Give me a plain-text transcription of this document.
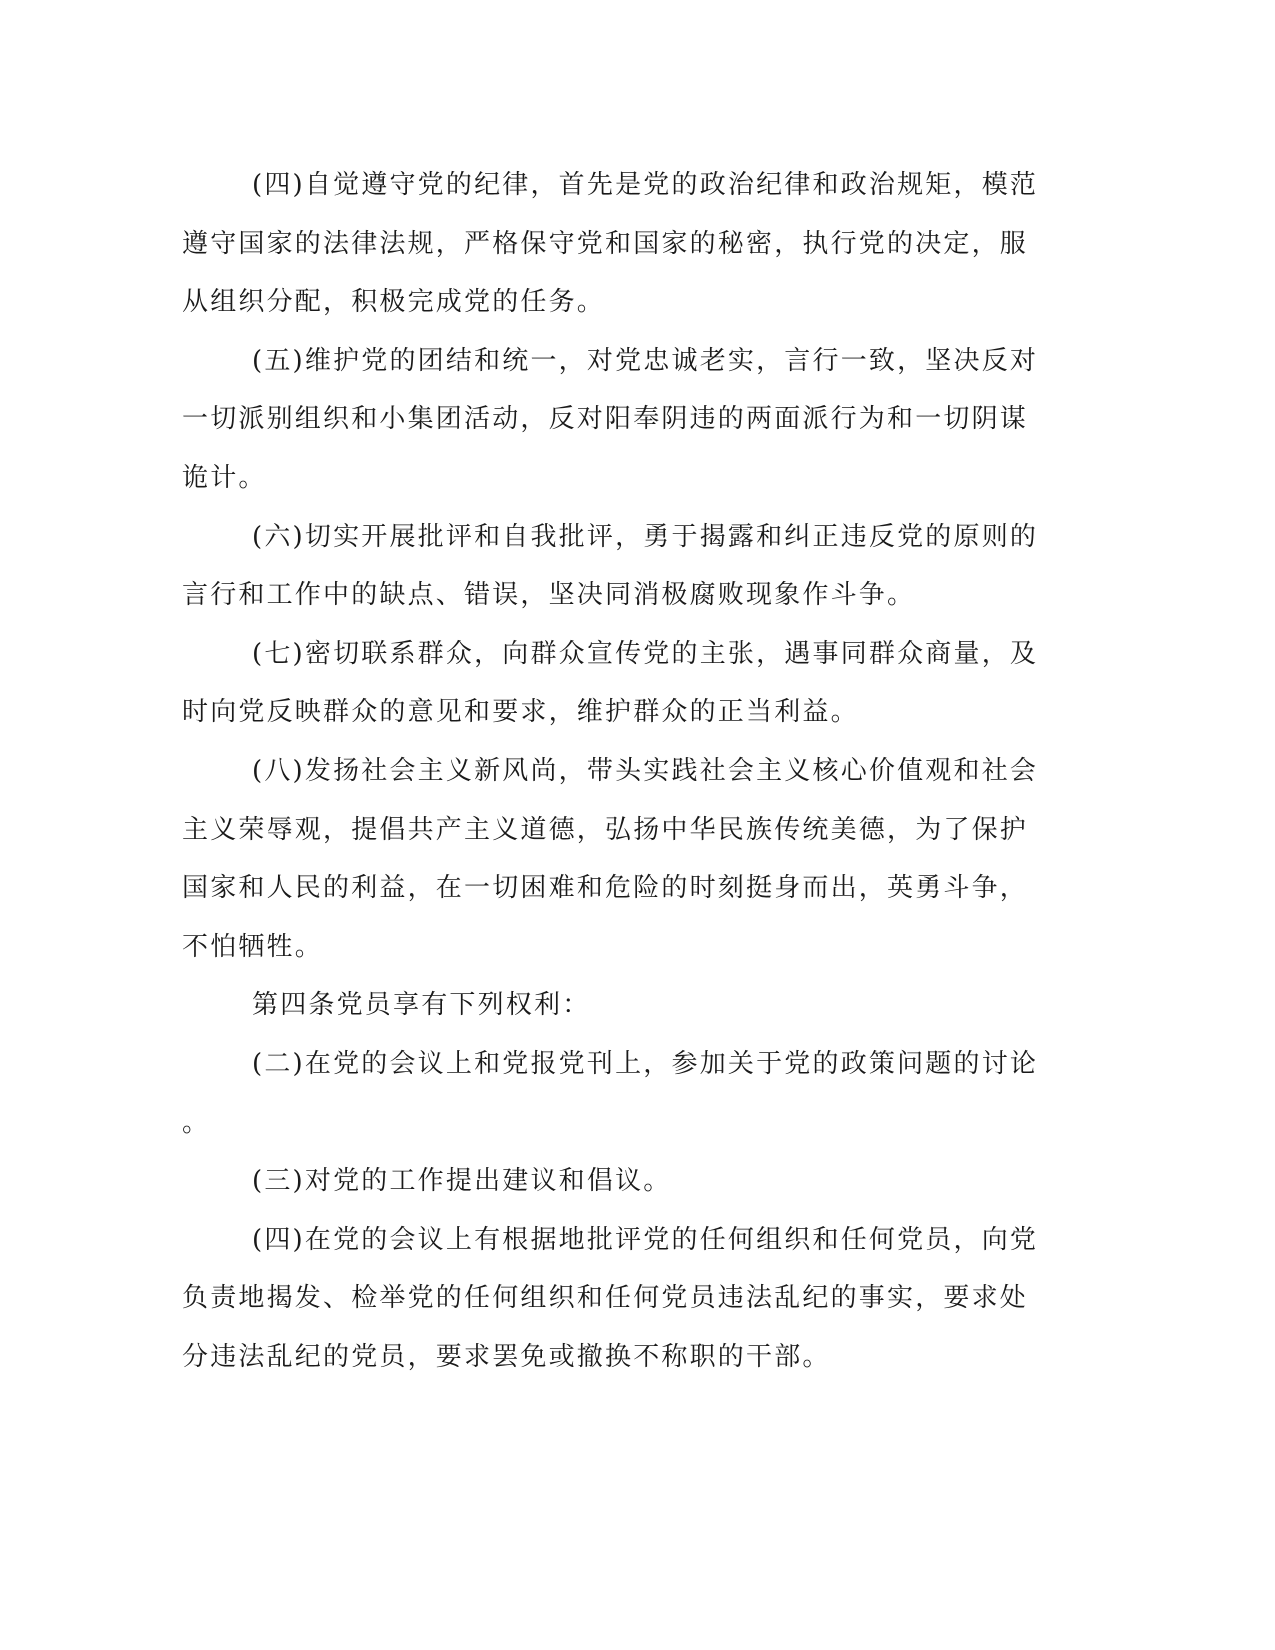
(四)自觉遵守党的纪律，首先是党的政治纪律和政治规矩，模范
遵守国家的法律法规，严格保守党和国家的秘密，执行党的决定，服
从组织分配，积极完成党的任务。

(五)维护党的团结和统一，对党忠诚老实，言行一致，坚决反对
一切派别组织和小集团活动，反对阳奉阴违的两面派行为和一切阴谋
诡计。

(六)切实开展批评和自我批评，勇于揭露和纠正违反党的原则的
言行和工作中的缺点、错误，坚决同消极腐败现象作斗争。

(七)密切联系群众，向群众宣传党的主张，遇事同群众商量，及
时向党反映群众的意见和要求，维护群众的正当利益。

(八)发扬社会主义新风尚，带头实践社会主义核心价值观和社会
主义荣辱观，提倡共产主义道德，弘扬中华民族传统美德，为了保护
国家和人民的利益，在一切困难和危险的时刻挺身而出，英勇斗争，
不怕牺牲。

第四条党员享有下列权利：

(二)在党的会议上和党报党刊上，参加关于党的政策问题的讨论
。

(三)对党的工作提出建议和倡议。

(四)在党的会议上有根据地批评党的任何组织和任何党员，向党
负责地揭发、检举党的任何组织和任何党员违法乱纪的事实，要求处
分违法乱纪的党员，要求罢免或撤换不称职的干部。
